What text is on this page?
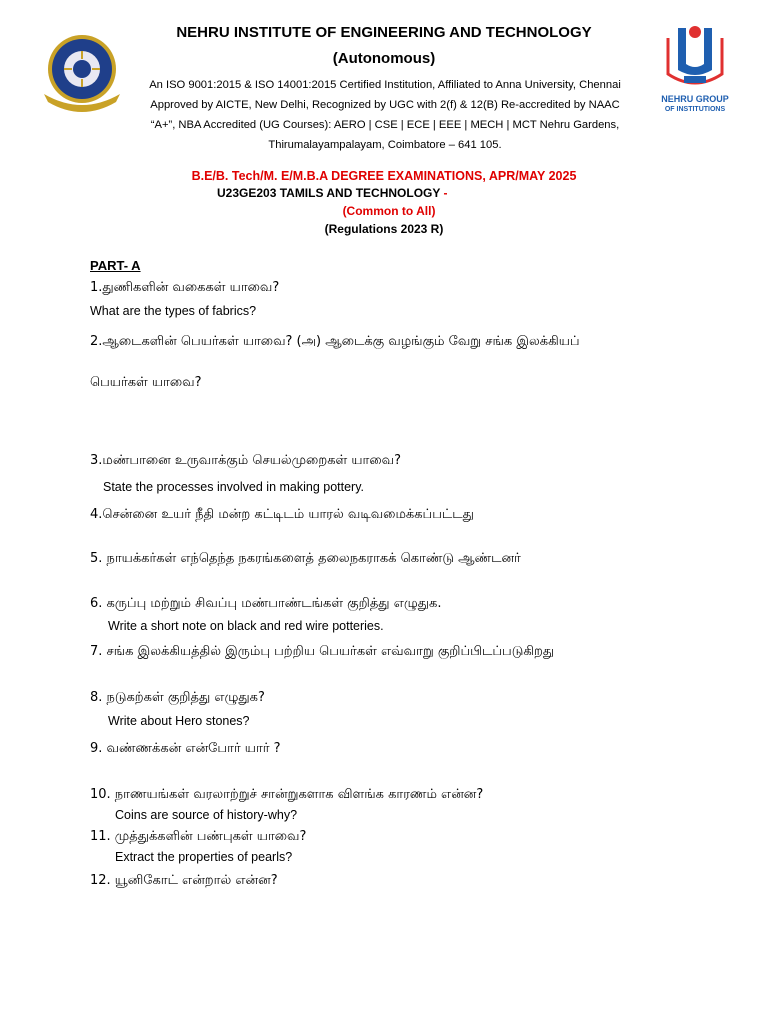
NEHRU GROUP
OF INSTITUTIONS

NEHRU INSTITUTE OF ENGINEERING AND TECHNOLOGY

(Autonomous)

An ISO 9001:2015 & ISO 14001:2015 Certified Institution, Affiliated to Anna University, Chennai

Approved by AICTE, New Delhi, Recognized by UGC with 2(f) & 12(B) Re-accredited by NAAC

“A+”, NBA Accredited (UG Courses): AERO | CSE | ECE | EEE | MECH | MCT Nehru Gardens,

Thirumalayampalayam, Coimbatore – 641 105.

B.E/B. Tech/M. E/M.B.A DEGREE EXAMINATIONS, APR/MAY 2025

U23GE203 TAMILS AND TECHNOLOGY -

(Common to All)

(Regulations 2023 R)

PART- A

1.துணிகளின் வகைகள் யாவை?

What are the types of fabrics?

2.ஆடைகளின் பெயர்கள் யாவை? (அ) ஆடைக்கு வழங்கும் வேறு சங்க இலக்கியப்

பெயர்கள் யாவை?

3.மண்பானை உருவாக்கும் செயல்முறைகள் யாவை?

State the processes involved in making pottery.

4.சென்னை உயர் நீதி மன்ற கட்டிடம் யாரல் வடிவமைக்கப்பட்டது

5. நாயக்கர்கள் எந்தெந்த நகரங்களைத் தலைநகராகக் கொண்டு ஆண்டனர்

6. கருப்பு மற்றும் சிவப்பு மண்பாண்டங்கள் குறித்து எழுதுக.

Write a short note on black and red wire potteries.

7. சங்க இலக்கியத்தில் இரும்பு பற்றிய பெயர்கள் எவ்வாறு குறிப்பிடப்படுகிறது

8. நடுகற்கள் குறித்து எழுதுக?

Write about Hero stones?

9. வண்ணக்கன் என்போர் யார் ?

10. நாணயங்கள் வரலாற்றுச் சான்றுகளாக விளங்க காரணம் என்ன?

Coins are source of history-why?

11. முத்துக்களின் பண்புகள் யாவை?

Extract the properties of pearls?

12. யூனிகோட் என்றால் என்ன?
